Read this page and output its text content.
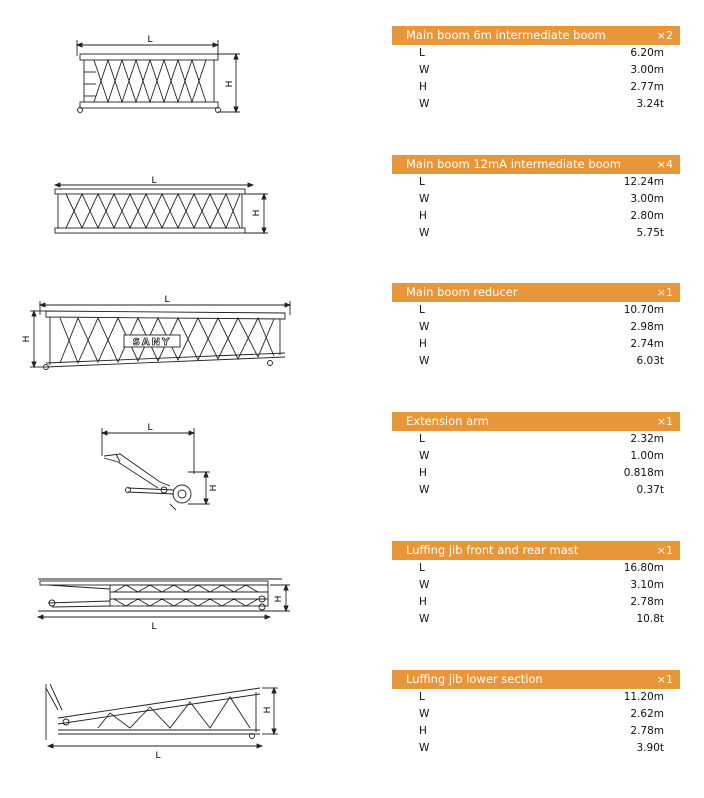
L
H
Main boom 6m intermediate boom	×2
L	6.20m
W	3.00m
H	2.77m
W	3.24t
L
H
Main boom 12mA intermediate boom	×4
L	12.24m
W	3.00m
H	2.80m
W	5.75t
SANY
L
H
Main boom reducer	×1
L	10.70m
W	2.98m
H	2.74m
W	6.03t
L
H
Extension arm	×1
L	2.32m
W	1.00m
H	0.818m
W	0.37t
L
H
Luffing jib front and rear mast	×1
L	16.80m
W	3.10m
H	2.78m
W	10.8t
L
H
Luffing jib lower section	×1
L	11.20m
W	2.62m
H	2.78m
W	3.90t
